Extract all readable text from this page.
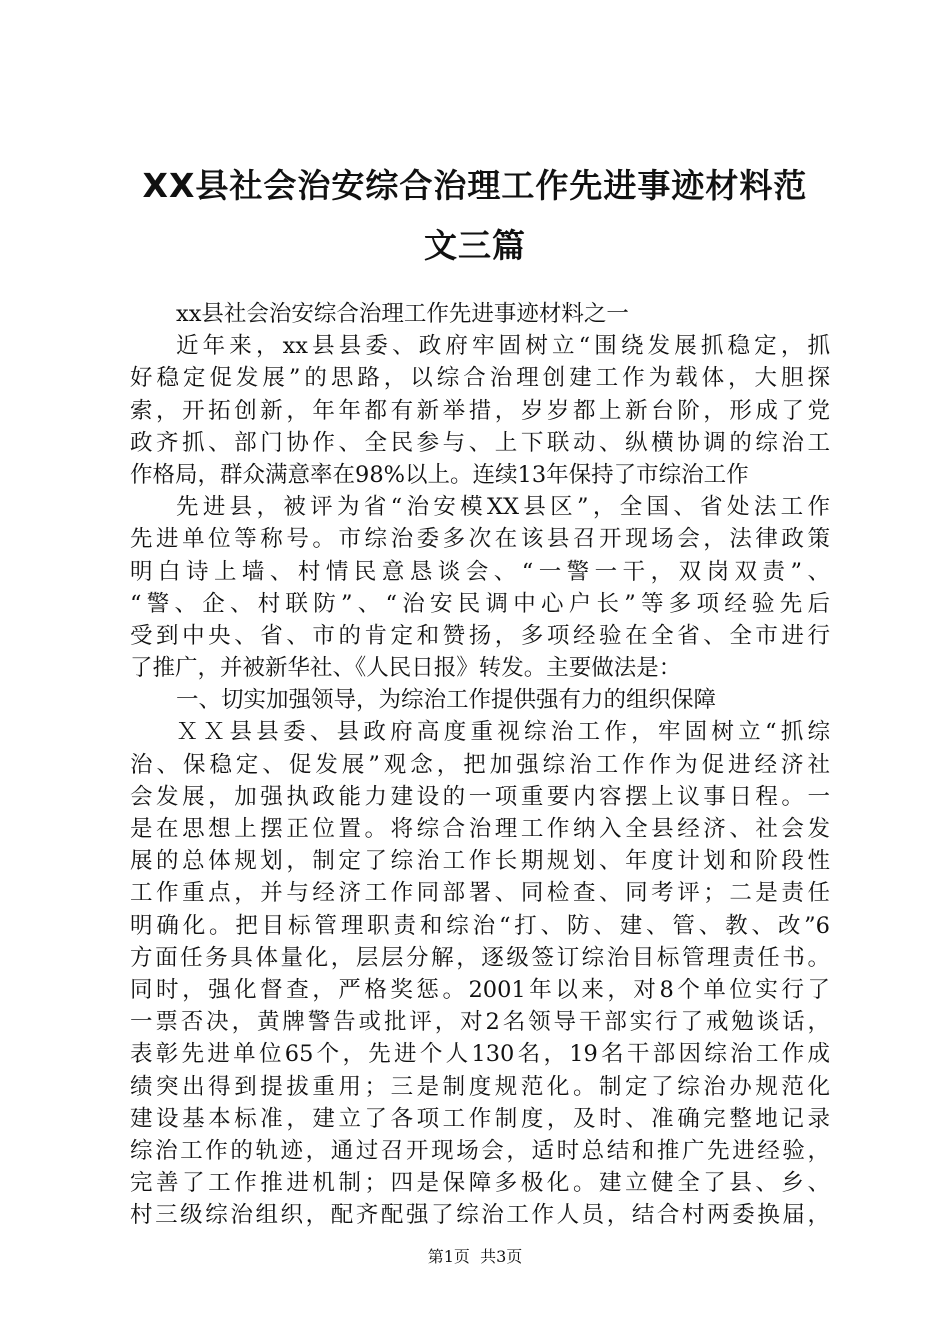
XX县社会治安综合治理工作先进事迹材料范
文三篇
xx县社会治安综合治理工作先进事迹材料之一
近年来，xx县县委、政府牢固树立“围绕发展抓稳定，抓
好稳定促发展”的思路，以综合治理创建工作为载体，大胆探
索，开拓创新，年年都有新举措，岁岁都上新台阶，形成了党
政齐抓、部门协作、全民参与、上下联动、纵横协调的综治工
作格局，群众满意率在98%以上。连续13年保持了市综治工作
先进县，被评为省“治安模XX县区”，全国、省处法工作
先进单位等称号。市综治委多次在该县召开现场会，法律政策
明白诗上墙、村情民意恳谈会、“一警一干，双岗双责”、
“警、企、村联防”、“治安民调中心户长”等多项经验先后
受到中央、省、市的肯定和赞扬，多项经验在全省、全市进行
了推广，并被新华社、《人民日报》转发。主要做法是：
一、切实加强领导，为综治工作提供强有力的组织保障
ＸＸ县县委、县政府高度重视综治工作，牢固树立“抓综
治、保稳定、促发展”观念，把加强综治工作作为促进经济社
会发展，加强执政能力建设的一项重要内容摆上议事日程。一
是在思想上摆正位置。将综合治理工作纳入全县经济、社会发
展的总体规划，制定了综治工作长期规划、年度计划和阶段性
工作重点，并与经济工作同部署、同检查、同考评；二是责任
明确化。把目标管理职责和综治“打、防、建、管、教、改”6
方面任务具体量化，层层分解，逐级签订综治目标管理责任书。
同时，强化督查，严格奖惩。2001年以来，对8个单位实行了
一票否决，黄牌警告或批评，对2名领导干部实行了戒勉谈话，
表彰先进单位65个，先进个人130名，19名干部因综治工作成
绩突出得到提拔重用；三是制度规范化。制定了综治办规范化
建设基本标准，建立了各项工作制度，及时、准确完整地记录
综治工作的轨迹，通过召开现场会，适时总结和推广先进经验，
完善了工作推进机制；四是保障多极化。建立健全了县、乡、
村三级综治组织，配齐配强了综治工作人员，结合村两委换届，
第1页  共3页
